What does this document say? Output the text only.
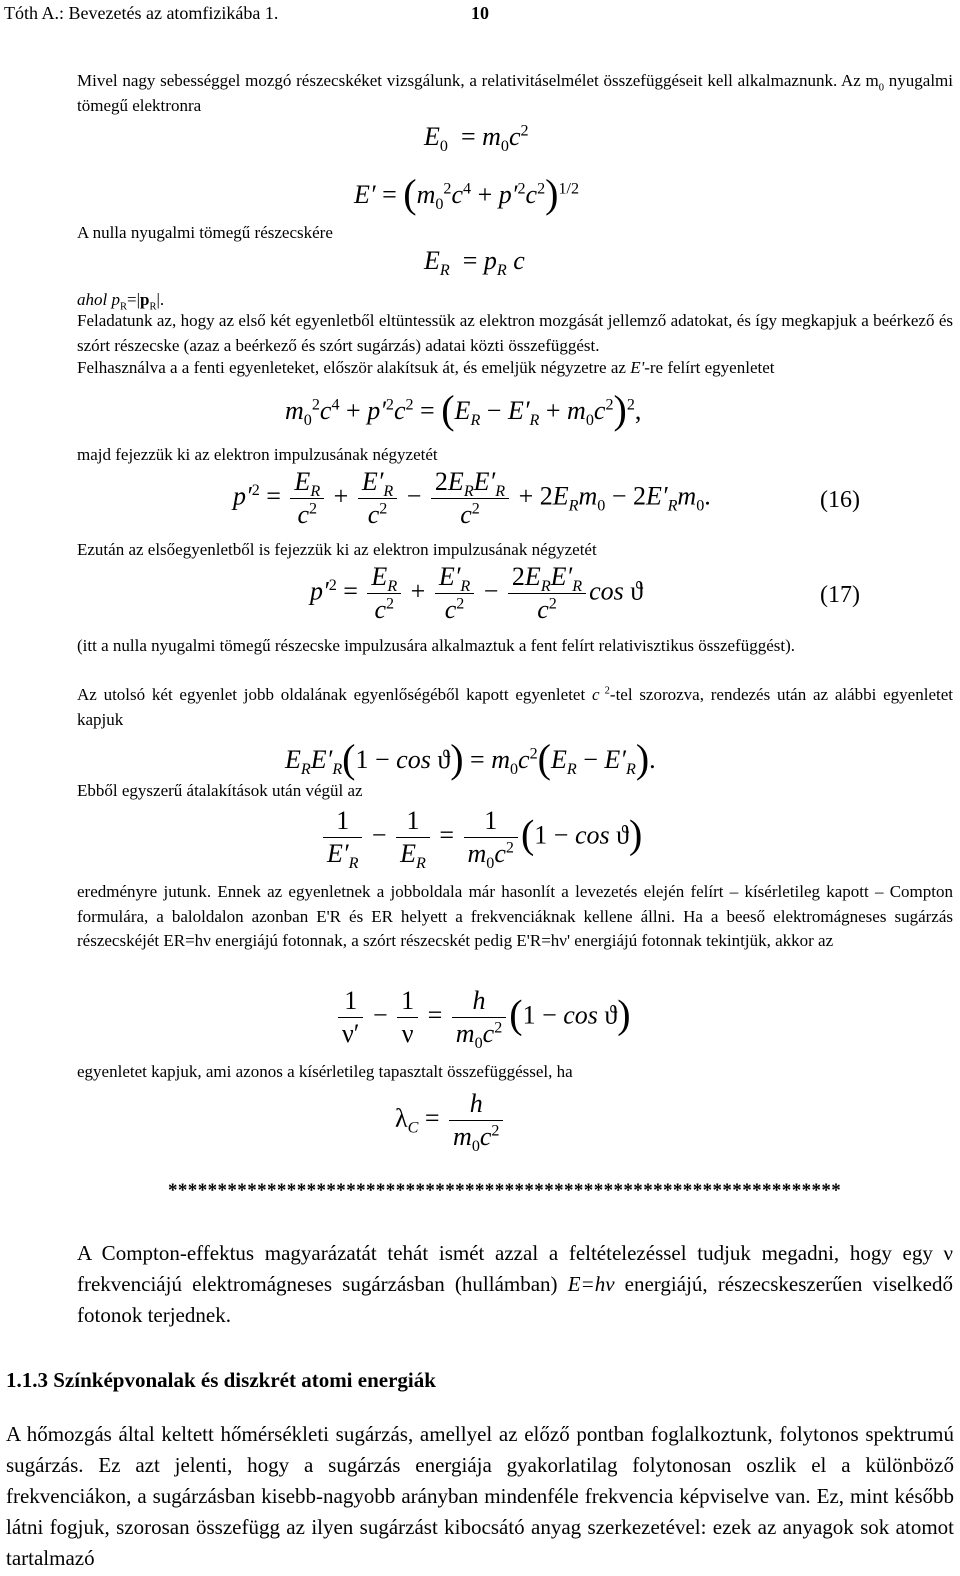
Tóth A.: Bevezetés az atomfizikába 1.	10
Mivel nagy sebességgel mozgó részecskéket vizsgálunk, a relativitáselmélet összefüggéseit kell alkalmaznunk. Az $m_0$ nyugalmi tömegű elektronra
$E_0 = m_0c^2$
$E' = (m_0^2c^4 + p'^2c^2)^{1/2}$
A nulla nyugalmi tömegű részecskére
$E_R = p_R$ c
ahol $p_R=|p_R|$.
Feladatunk az, hogy az első két egyenletből eltüntessük az elektron mozgását jellemző adatokat, és így megkapjuk a beérkező és szórt részecske (azaz a beérkező és szórt sugárzás) adatai közti összefüggést.
Felhasználva a a fenti egyenleteket, először alakítsuk át, és emeljük négyzetre az E'-re felírt egyenletet
$m_0^2c^4 + p'^2c^2 = (E_R - E'_R + m_0c^2)^2$,
majd fejezzük ki az elektron impulzusának négyzetét
$p'^2 = \frac{E_R}{c^2} + \frac{E'_R}{c^2} - \frac{2E_RE'_R}{c^2} + 2E_Rm_0 - 2E'_Rm_0$.	(16)
Ezután az elsőegyenletből is fejezzük ki az elektron impulzusának négyzetét
$p'^2 = \frac{E_R}{c^2} + \frac{E'_R}{c^2} - \frac{2E_RE'_R}{c^2}$ cos ϑ	(17)
(itt a nulla nyugalmi tömegű részecske impulzusára alkalmaztuk a fent felírt relativisztikus összefüggést).
Az utolsó két egyenlet jobb oldalának egyenlőségéből kapott egyenletet c $^2$-tel szorozva, rendezés után az alábbi egyenletet kapjuk
$E_RE'_R(1 - \cos ϑ) = m_0c^2(E_R - E'_R)$.
Ebből egyszerű átalakítások után végül az
$\frac{1}{E'_R} - \frac{1}{E_R} = \frac{1}{m_0c^2} (1 - \cos ϑ)$
eredményre jutunk. Ennek az egyenletnek a jobboldala már hasonlít a levezetés elején felírt – kísérletileg kapott – Compton formulára, a baloldalon azonban E'R és ER helyett a frekvenciáknak kellene állni. Ha a beeső elektromágneses sugárzás részecskéjét ER=hν energiájú fotonnak, a szórt részecskét pedig E'R=hν' energiájú fotonnak tekintjük, akkor az
$\frac{1}{\nu'} - \frac{1}{\nu} = \frac{h}{m_0c^2} (1 - \cos ϑ)$
egyenletet kapjuk, ami azonos a kísérletileg tapasztalt összefüggéssel, ha
$\lambda_C = \frac{h}{m_0c^2}$
********************************************************************
A Compton-effektus magyarázatát tehát ismét azzal a feltételezéssel tudjuk megadni, hogy egy ν frekvenciájú elektromágneses sugárzásban (hullámban) E=hν energiájú, részecskeszerűen viselkedő fotonok terjednek.
1.1.3 Színképvonalak és diszkrét atomi energiák
A hőmozgás által keltett hőmérsékleti sugárzás, amellyel az előző pontban foglalkoztunk, folytonos spektrumú sugárzás. Ez azt jelenti, hogy a sugárzás energiája gyakorlatilag folytonosan oszlik el a különböző frekvenciákon, a sugárzásban kisebb-nagyobb arányban mindenféle frekvencia képviselve van. Ez, mint később látni fogjuk, szorosan összefügg az ilyen sugárzást kibocsátó anyag szerkezetével: ezek az anyagok sok atomot tartalmazó
